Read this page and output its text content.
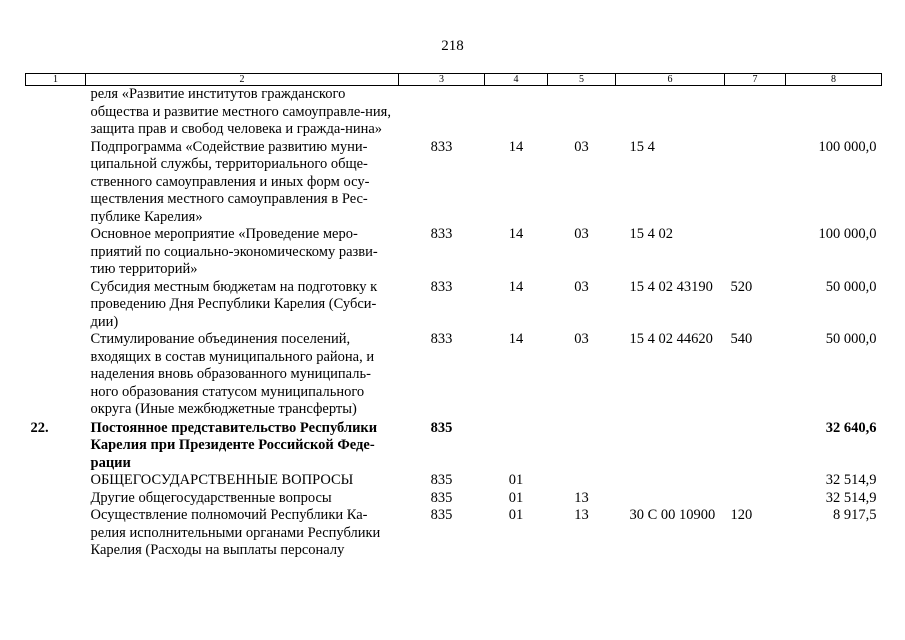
218
1	2	3	4	5	6	7	8
	реля «Развитие институтов гражданского общества и развитие местного самоуправле-ния, защита прав и свобод человека и гражда-нина»						
	Подпрограмма «Содействие развитию муни-ципальной службы, территориального обще-ственного самоуправления и иных форм осу-ществления местного самоуправления в Рес-публике Карелия»	833	14	03	15 4		100 000,0
	Основное мероприятие «Проведение меро-приятий по социально-экономическому разви-тию территорий»	833	14	03	15 4 02		100 000,0
	Субсидия местным бюджетам на подготовку к проведению Дня Республики Карелия (Субси-дии)	833	14	03	15 4 02 43190	520	50 000,0
	Стимулирование объединения поселений, входящих в состав муниципального района, и наделения вновь образованного муниципаль-ного образования статусом муниципального округа (Иные межбюджетные трансферты)	833	14	03	15 4 02 44620	540	50 000,0
22.	Постоянное представительство Республики Карелия при Президенте Российской Феде-рации	835					32 640,6
	ОБЩЕГОСУДАРСТВЕННЫЕ ВОПРОСЫ	835	01				32 514,9
	Другие общегосударственные вопросы	835	01	13			32 514,9
	Осуществление полномочий Республики Ка-релия исполнительными органами Республики Карелия (Расходы на выплаты персоналу	835	01	13	30 С 00 10900	120	8 917,5
